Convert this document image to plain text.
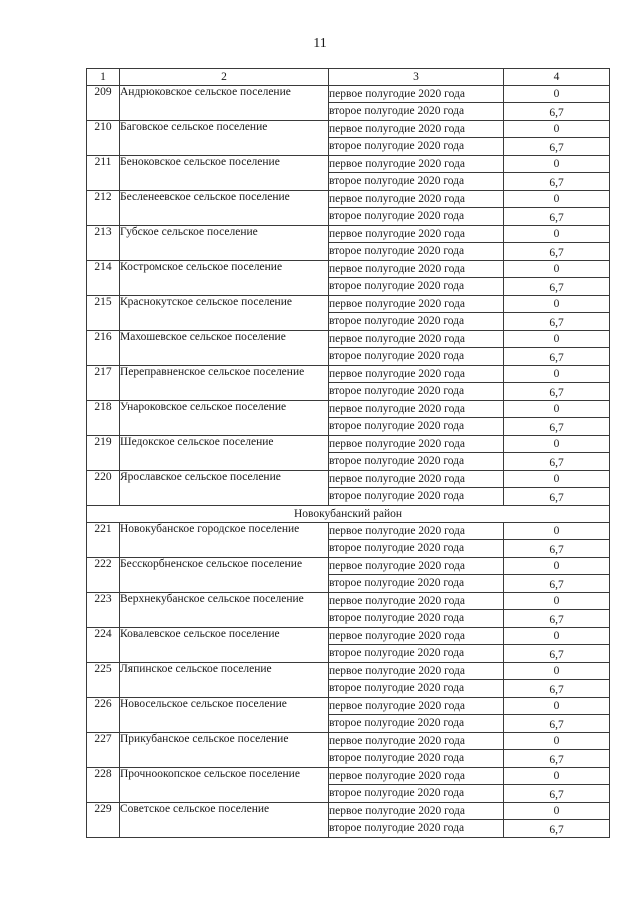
11
1	2	3	4
209	Андрюковское сельское поселение	первое полугодие 2020 года	0
		второе полугодие 2020 года	6,7
210	Баговское сельское поселение	первое полугодие 2020 года	0
		второе полугодие 2020 года	6,7
211	Беноковское сельское поселение	первое полугодие 2020 года	0
		второе полугодие 2020 года	6,7
212	Бесленеевское сельское поселение	первое полугодие 2020 года	0
		второе полугодие 2020 года	6,7
213	Губское сельское поселение	первое полугодие 2020 года	0
		второе полугодие 2020 года	6,7
214	Костромское сельское поселение	первое полугодие 2020 года	0
		второе полугодие 2020 года	6,7
215	Краснокутское сельское поселение	первое полугодие 2020 года	0
		второе полугодие 2020 года	6,7
216	Махошевское сельское поселение	первое полугодие 2020 года	0
		второе полугодие 2020 года	6,7
217	Переправненское сельское поселение	первое полугодие 2020 года	0
		второе полугодие 2020 года	6,7
218	Унароковское сельское поселение	первое полугодие 2020 года	0
		второе полугодие 2020 года	6,7
219	Шедокское сельское поселение	первое полугодие 2020 года	0
		второе полугодие 2020 года	6,7
220	Ярославское сельское поселение	первое полугодие 2020 года	0
		второе полугодие 2020 года	6,7
Новокубанский район			
221	Новокубанское городское поселение	первое полугодие 2020 года	0
		второе полугодие 2020 года	6,7
222	Бесскорбненское сельское поселение	первое полугодие 2020 года	0
		второе полугодие 2020 года	6,7
223	Верхнекубанское сельское поселение	первое полугодие 2020 года	0
		второе полугодие 2020 года	6,7
224	Ковалевское сельское поселение	первое полугодие 2020 года	0
		второе полугодие 2020 года	6,7
225	Ляпинское сельское поселение	первое полугодие 2020 года	0
		второе полугодие 2020 года	6,7
226	Новосельское сельское поселение	первое полугодие 2020 года	0
		второе полугодие 2020 года	6,7
227	Прикубанское сельское поселение	первое полугодие 2020 года	0
		второе полугодие 2020 года	6,7
228	Прочноокопское сельское поселение	первое полугодие 2020 года	0
		второе полугодие 2020 года	6,7
229	Советское сельское поселение	первое полугодие 2020 года	0
		второе полугодие 2020 года	6,7
